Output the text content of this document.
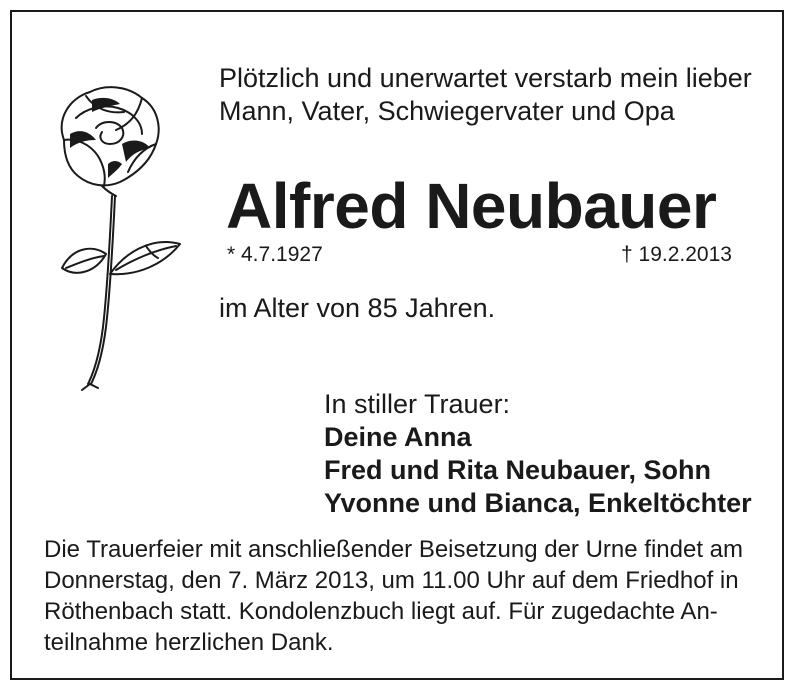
Plötzlich und unerwartet verstarb mein lieber
Mann, Vater, Schwiegervater und Opa
Alfred Neubauer
* 4.7.1927	† 19.2.2013
im Alter von 85 Jahren.
In stiller Trauer:
Deine Anna
Fred und Rita Neubauer, Sohn
Yvonne und Bianca, Enkeltöchter
Die Trauerfeier mit anschließender Beisetzung der Urne findet am
Donnerstag, den 7. März 2013, um 11.00 Uhr auf dem Friedhof in
Röthenbach statt. Kondolenzbuch liegt auf. Für zugedachte An-
teilnahme herzlichen Dank.
